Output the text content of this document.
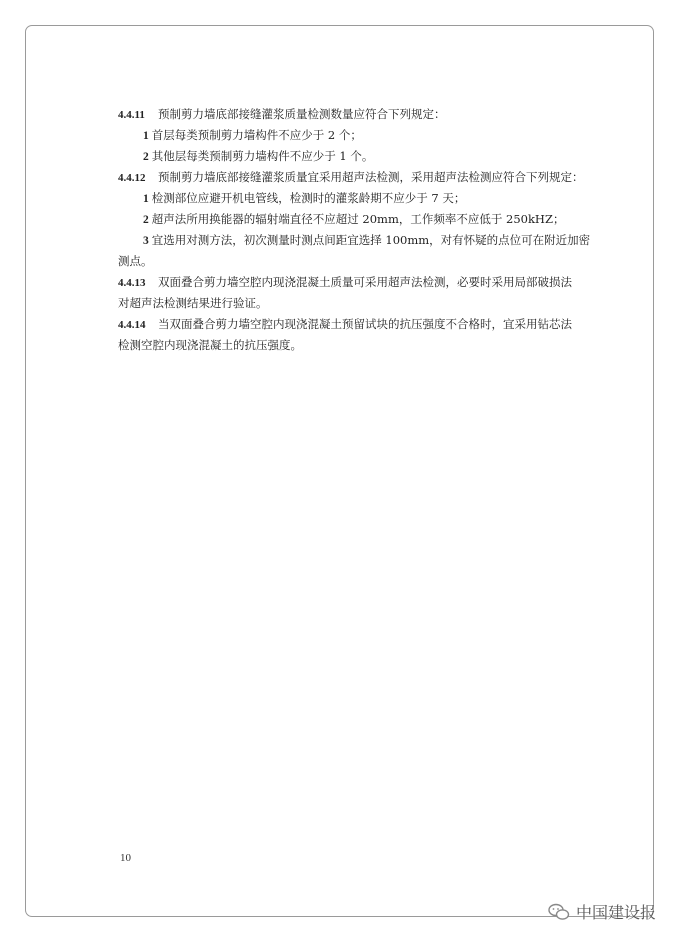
4.4.11 预制剪力墙底部接缝灌浆质量检测数量应符合下列规定：
1 首层每类预制剪力墙构件不应少于 2 个；
2 其他层每类预制剪力墙构件不应少于 1 个。
4.4.12 预制剪力墙底部接缝灌浆质量宜采用超声法检测，采用超声法检测应符合下列规定：
1 检测部位应避开机电管线，检测时的灌浆龄期不应少于 7 天；
2 超声法所用换能器的辐射端直径不应超过 20mm，工作频率不应低于 250kHZ；
3 宜选用对测方法，初次测量时测点间距宜选择 100mm，对有怀疑的点位可在附近加密
测点。
4.4.13 双面叠合剪力墙空腔内现浇混凝土质量可采用超声法检测，必要时采用局部破损法
对超声法检测结果进行验证。
4.4.14 当双面叠合剪力墙空腔内现浇混凝土预留试块的抗压强度不合格时，宜采用钻芯法
检测空腔内现浇混凝土的抗压强度。
10
中国建设报
